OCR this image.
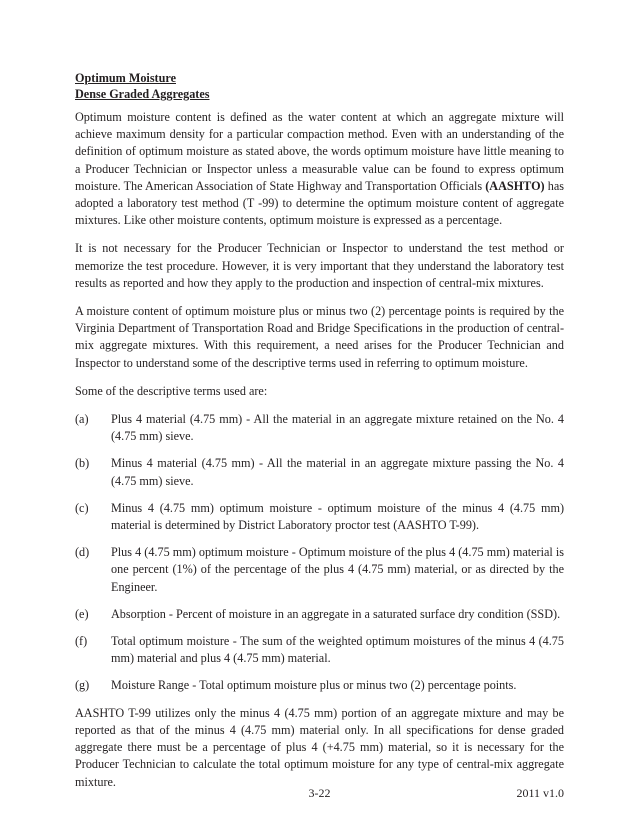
Optimum Moisture
Dense Graded Aggregates

Optimum moisture content is defined as the water content at which an aggregate mixture will achieve maximum density for a particular compaction method. Even with an understanding of the definition of optimum moisture as stated above, the words optimum moisture have little meaning to a Producer Technician or Inspector unless a measurable value can be found to express optimum moisture. The American Association of State Highway and Transportation Officials (AASHTO) has adopted a laboratory test method (T -99) to determine the optimum moisture content of aggregate mixtures. Like other moisture contents, optimum moisture is expressed as a percentage.

It is not necessary for the Producer Technician or Inspector to understand the test method or memorize the test procedure. However, it is very important that they understand the laboratory test results as reported and how they apply to the production and inspection of central-mix mixtures.

A moisture content of optimum moisture plus or minus two (2) percentage points is required by the Virginia Department of Transportation Road and Bridge Specifications in the production of central-mix aggregate mixtures. With this requirement, a need arises for the Producer Technician and Inspector to understand some of the descriptive terms used in referring to optimum moisture.

Some of the descriptive terms used are:

(a)	Plus 4 material (4.75 mm) - All the material in an aggregate mixture retained on the No. 4 (4.75 mm) sieve.
(b)	Minus 4 material (4.75 mm) - All the material in an aggregate mixture passing the No. 4 (4.75 mm) sieve.
(c)	Minus 4 (4.75 mm) optimum moisture - optimum moisture of the minus 4 (4.75 mm) material is determined by District Laboratory proctor test (AASHTO T-99).
(d)	Plus 4 (4.75 mm) optimum moisture - Optimum moisture of the plus 4 (4.75 mm) material is one percent (1%) of the percentage of the plus 4 (4.75 mm) material, or as directed by the Engineer.
(e)	Absorption - Percent of moisture in an aggregate in a saturated surface dry condition (SSD).
(f)	Total optimum moisture - The sum of the weighted optimum moistures of the minus 4 (4.75 mm) material and plus 4 (4.75 mm) material.
(g)	Moisture Range - Total optimum moisture plus or minus two (2) percentage points.

AASHTO T-99 utilizes only the minus 4 (4.75 mm) portion of an aggregate mixture and may be reported as that of the minus 4 (4.75 mm) material only. In all specifications for dense graded aggregate there must be a percentage of plus 4 (+4.75 mm) material, so it is necessary for the Producer Technician to calculate the total optimum moisture for any type of central-mix aggregate mixture.

3-22	2011 v1.0
